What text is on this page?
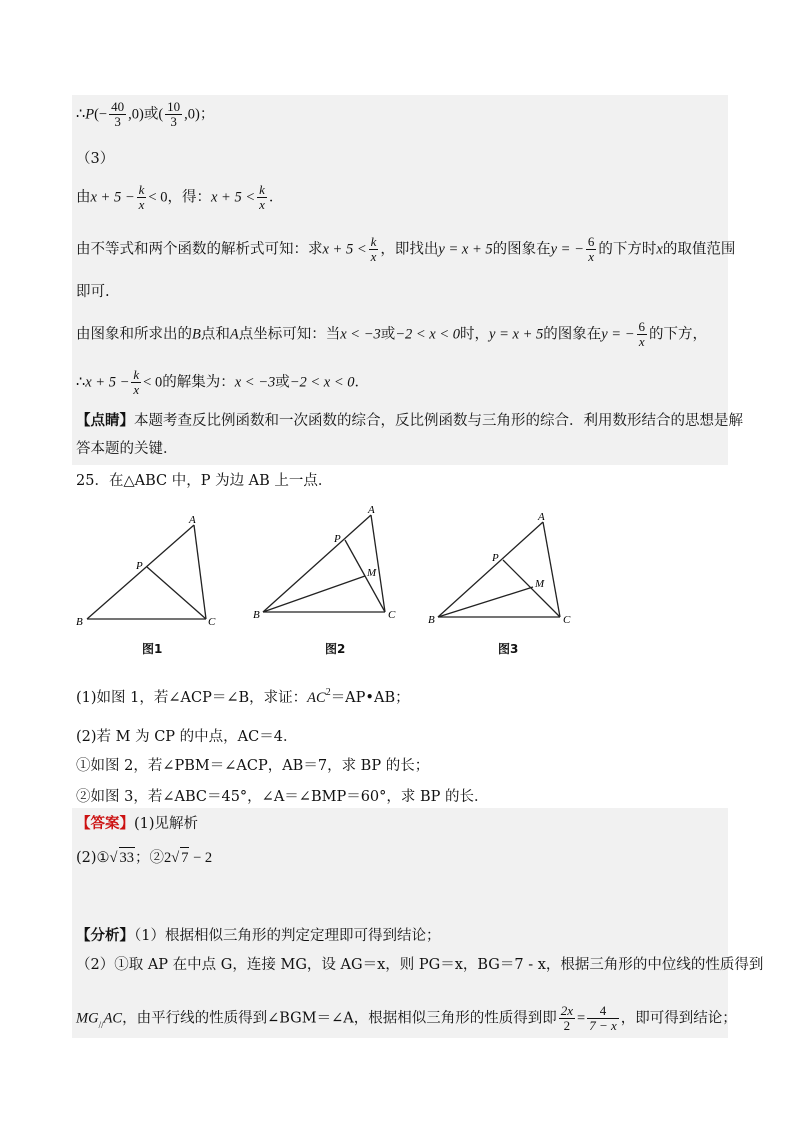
∴P(− $\frac{40}{3} ,0$)或( $\frac{10}{3} ,0$)；
（3）
由$x + 5 - \frac{k}{x} < 0$，得：$x + 5 < \frac{k}{x}$ ．
由不等式和两个函数的解析式可知：求$x + 5 < \frac{k}{x}$ ，即找出y = x + 5的图象在y = − $\frac{6}{x}$ 的下方时x的取值范围
即可.
由图象和所求出的B点和A点坐标可知：当x < −3或−2 < x < 0时，y = x + 5的图象在y = − $\frac{6}{x}$ 的下方，
∴x + $5 - \frac{k}{x} < 0$的解集为：x < −3或−2 < x < 0．
【点睛】本题考查反比例函数和一次函数的综合，反比例函数与三角形的综合．利用数形结合的思想是解
答本题的关键．
25．在△ABC 中，P 为边 AB 上一点．
A
P
B	C
A
P
M
B	C
A
P
M
B	C
图1	图2	图3
(1)如图 1，若∠ACP＝∠B，求证：$AC^2=AP•AB$；
(2)若 M 为 CP 的中点，AC＝4．
①如图 2，若∠PBM＝∠ACP，AB＝7，求 BP 的长；
②如图 3，若∠ABC＝45°，∠A＝∠BMP＝60°，求 BP 的长．
【答案】(1)见解析
(2)①√ 33；②2√ 7 − 2
【分析】（1）根据相似三角形的判定定理即可得到结论；
（2）①取 AP 在中点 G，连接 MG，设 AG＝x，则 PG＝x，BG＝7 - x，根据三角形的中位线的性质得到
$MG_{//}AC$，由平行线的性质得到∠BGM＝∠A，根据相似三角形的性质得到即 $\frac{2x}{2} = \frac{4}{7 - x}$ ，即可得到结论；
